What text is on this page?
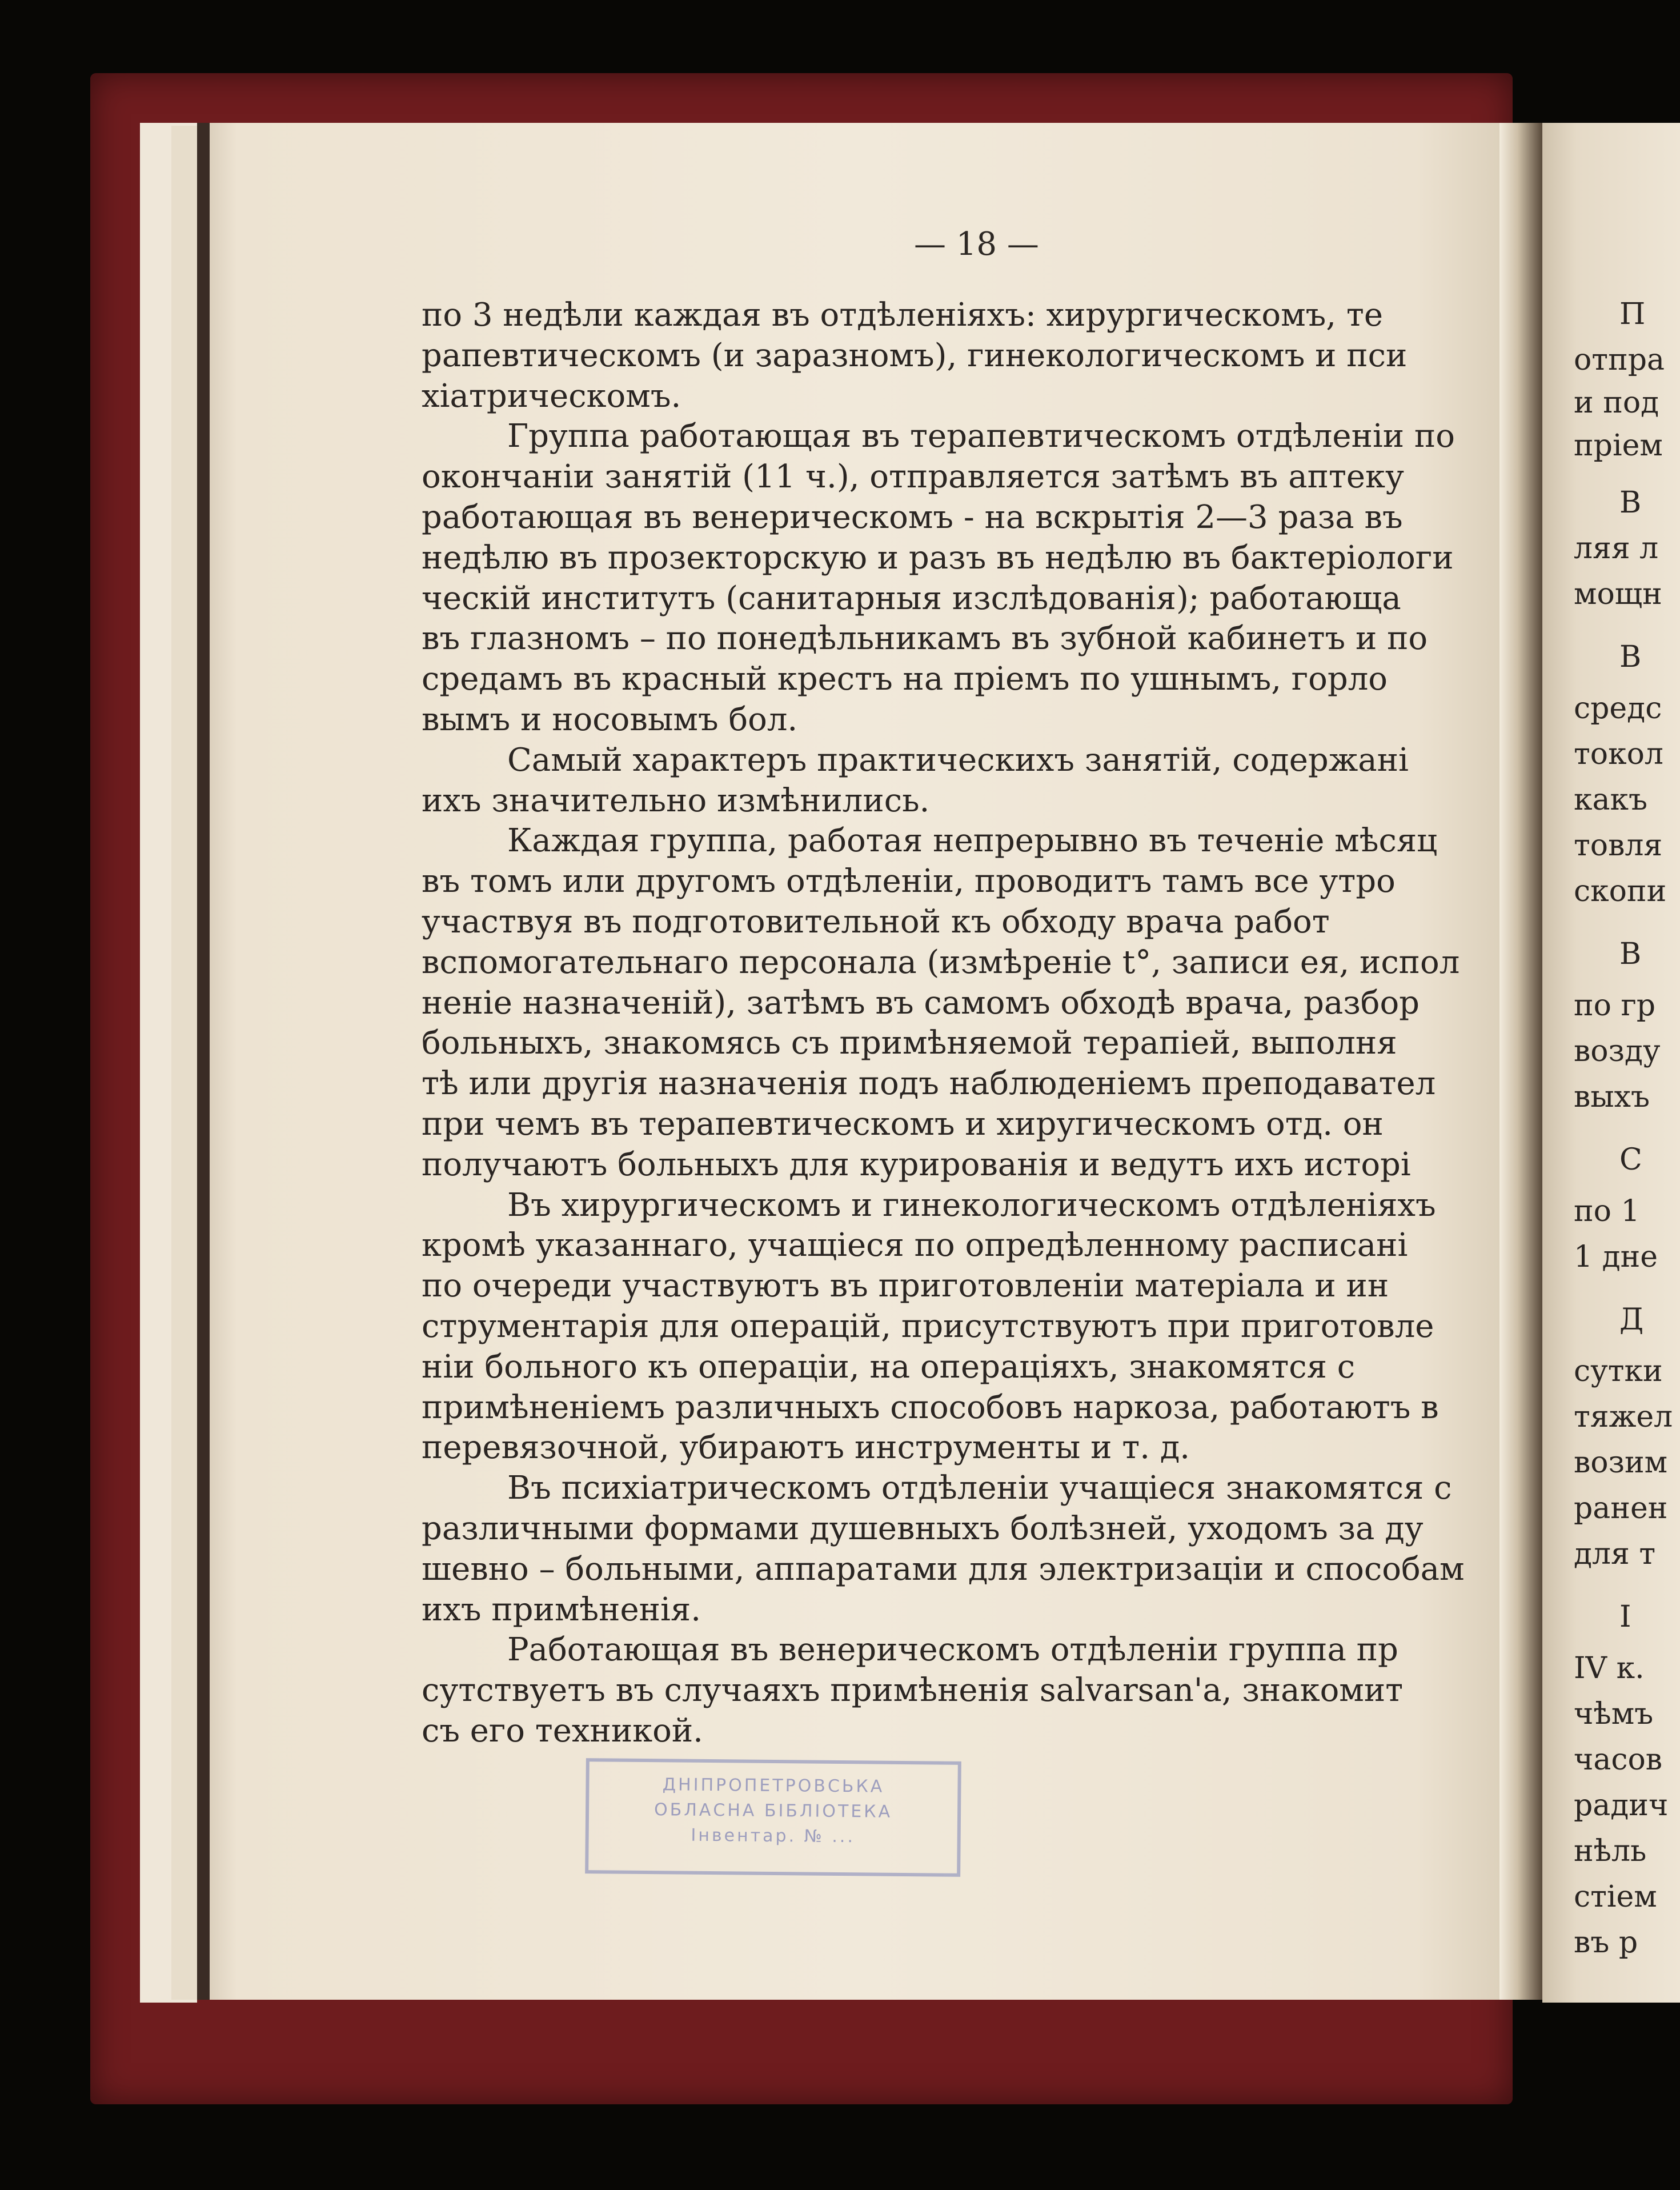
— 18 —
по 3 недѣли каждая въ отдѣленiяхъ: хирургическомъ, те
рапевтическомъ (и заразномъ), гинекологическомъ и пси
хiатрическомъ.
Группа работающая въ терапевтическомъ отдѣленiи по
окончанiи занятiй (11 ч.), отправляется затѣмъ въ аптеку
работающая въ венерическомъ - на вскрытiя 2—3 раза въ
недѣлю въ прозекторскую и разъ въ недѣлю въ бактерiологи
ческiй институтъ (санитарныя изслѣдованiя); работающа
въ глазномъ – по понедѣльникамъ въ зубной кабинетъ и по
средамъ въ красный крестъ на прiемъ по ушнымъ, горло
вымъ и носовымъ бол.
Самый характеръ практическихъ занятiй, содержанi
ихъ значительно измѣнились.
Каждая группа, работая непрерывно въ теченiе мѣсяц
въ томъ или другомъ отдѣленiи, проводитъ тамъ все утро
участвуя въ подготовительной къ обходу врача работ
вспомогательнаго персонала (измѣренiе t°, записи ея, испол
ненiе назначенiй), затѣмъ въ самомъ обходѣ врача, разбор
больныхъ, знакомясь съ примѣняемой терапiей, выполня
тѣ или другiя назначенiя подъ наблюденiемъ преподавател
при чемъ въ терапевтическомъ и хиругическомъ отд. он
получаютъ больныхъ для курированiя и ведутъ ихъ исторi
Въ хирургическомъ и гинекологическомъ отдѣленiяхъ
кромѣ указаннаго, учащiеся по опредѣленному расписанi
по очереди участвуютъ въ приготовленiи матерiала и ин
струментарiя для операцiй, присутствуютъ при приготовле
нiи больного къ операцiи, на операцiяхъ, знакомятся с
примѣненiемъ различныхъ способовъ наркоза, работаютъ в
перевязочной, убираютъ инструменты и т. д.
Въ психiатрическомъ отдѣленiи учащiеся знакомятся с
различными формами душевныхъ болѣзней, уходомъ за ду
шевно – больными, аппаратами для электризацiи и способам
ихъ примѣненiя.
Работающая въ венерическомъ отдѣленiи группа пр
сутствуетъ въ случаяхъ примѣненiя salvarsan'a, знакомит
съ его техникой.
ДНIПРОПЕТРОВСЬКА
ОБЛАСНА БIБЛIОТЕКА
Iнвентар. № ...
П
отпра
и под
прiем
В
ляя л
мощн
В
средс
токол
какъ
товля
скопи
В
по гр
возду
выхъ
С
по 1
1 дне
Д
сутки
тяжел
возим
ранен
для т
I
IV к.
чѣмъ
часов
радич
нѣль
стiем
въ р
